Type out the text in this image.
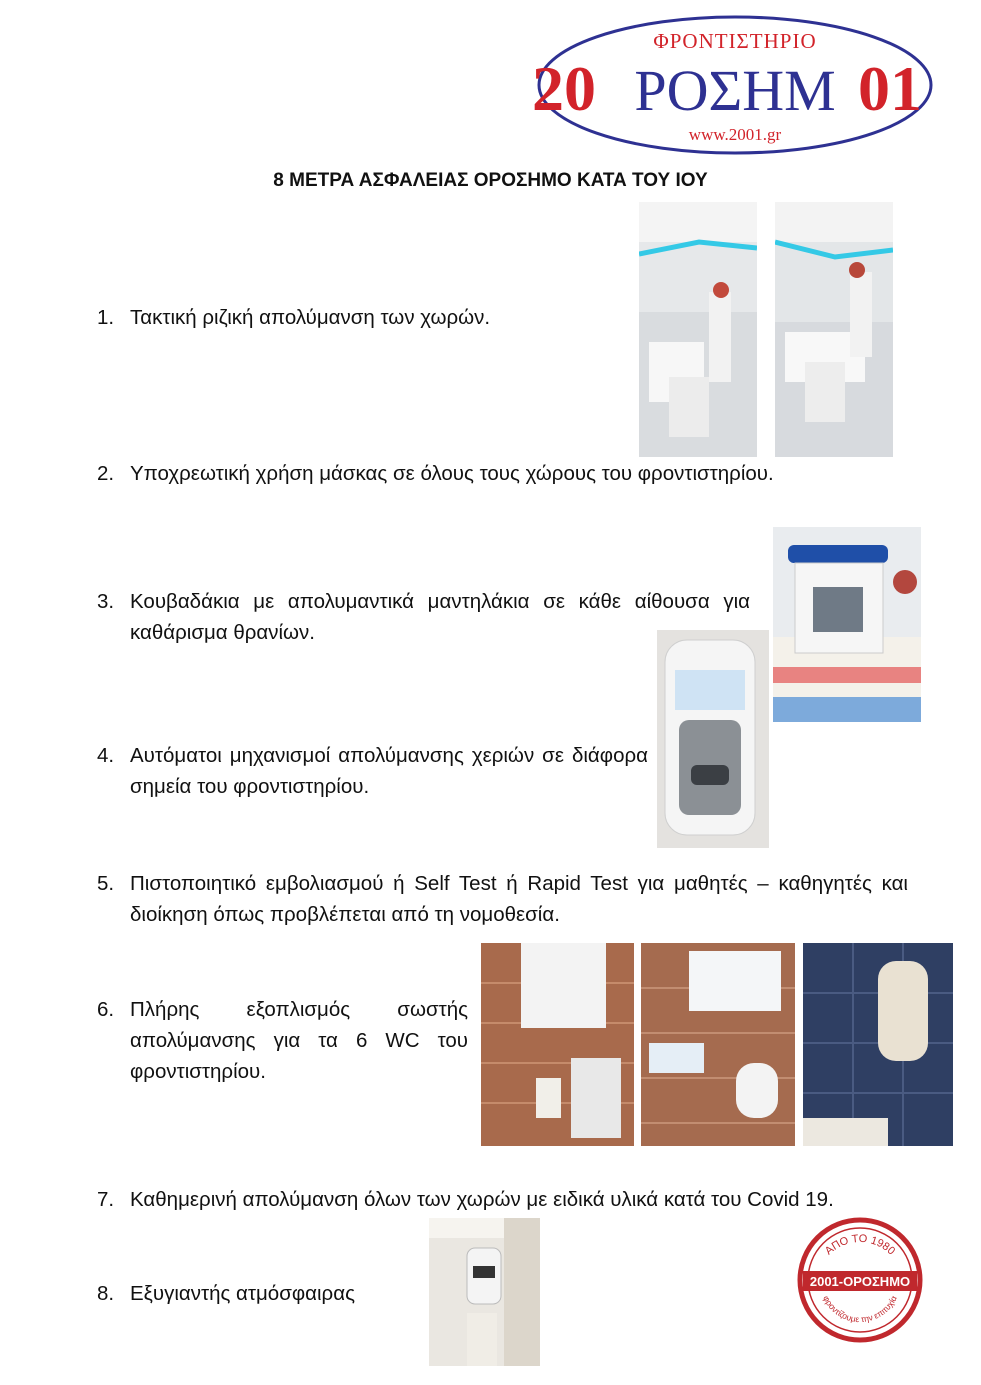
ΦΡΟΝΤΙΣΤΗΡΙΟ
20 ΡΟΣΗΜ 01
www.2001.gr
8 ΜΕΤΡΑ ΑΣΦΑΛΕΙΑΣ ΟΡΟΣΗΜΟ ΚΑΤΑ ΤΟΥ ΙΟΥ
1. Τακτική ριζική απολύμανση των χωρών.
2. Υποχρεωτική χρήση μάσκας σε όλους τους χώρους του φροντιστηρίου.
3. Κουβαδάκια με απολυμαντικά μαντηλάκια σε κάθε αίθουσα για καθάρισμα θρανίων.
4. Αυτόματοι μηχανισμοί απολύμανσης χεριών σε διάφορα σημεία του φροντιστηρίου.
5. Πιστοποιητικό εμβολιασμού ή Self Test ή Rapid Test για μαθητές – καθηγητές και διοίκηση όπως προβλέπεται από τη νομοθεσία.
6. Πλήρης εξοπλισμός σωστής απολύμανσης για τα 6 WC του φροντιστηρίου.
7. Καθημερινή απολύμανση όλων των χωρών με ειδικά υλικά κατά του Covid 19.
8. Εξυγιαντής ατμόσφαιρας
ΑΠΟ ΤΟ 1980
2001-ΟΡΟΣΗΜΟ
φροντίζουμε την επιτυχία
